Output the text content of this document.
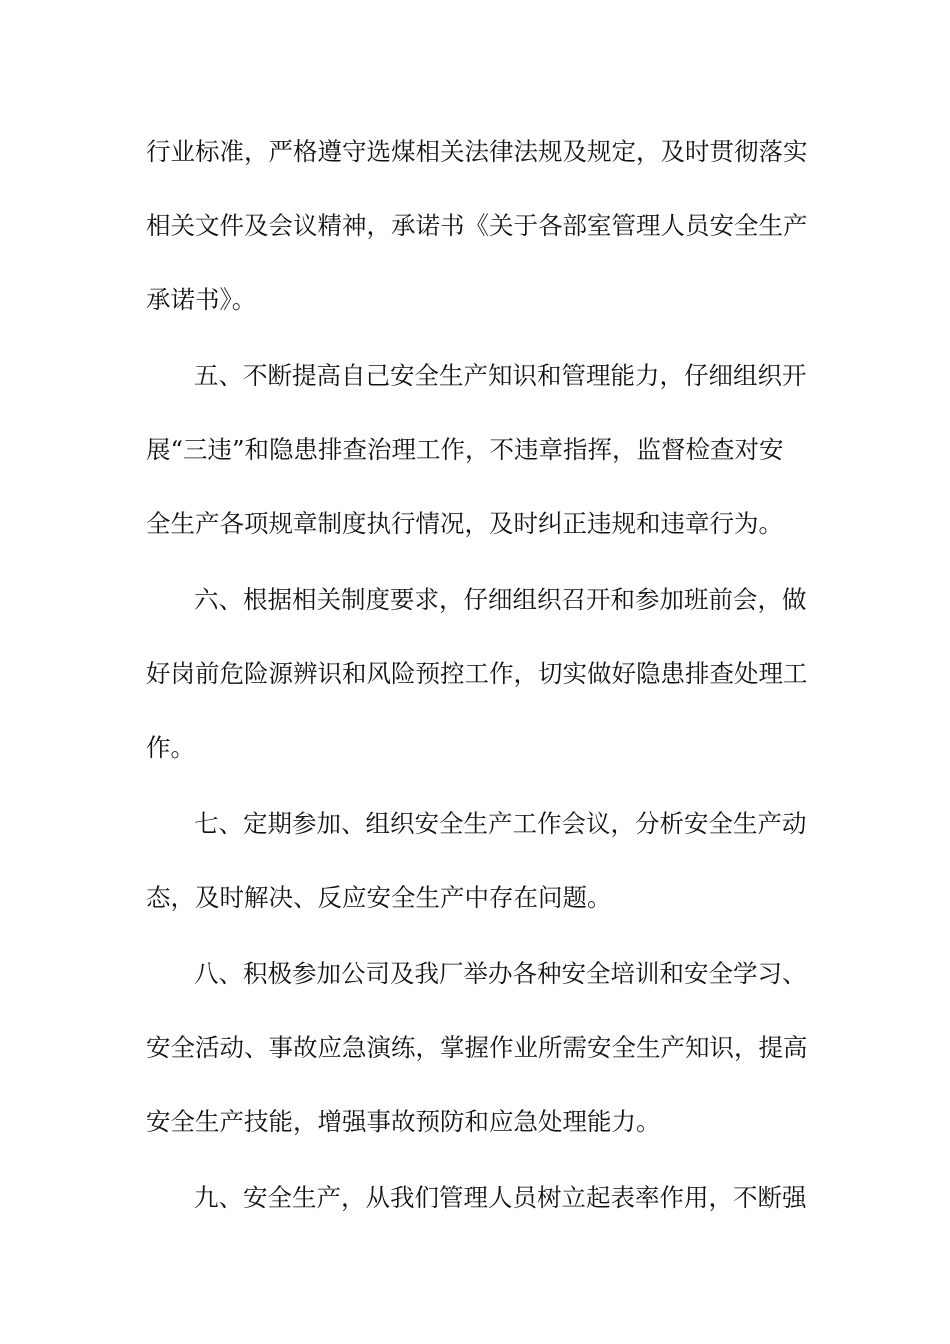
行业标准，严格遵守选煤相关法律法规及规定，及时贯彻落实
相关文件及会议精神，承诺书《关于各部室管理人员安全生产
承诺书》。
五、不断提高自己安全生产知识和管理能力，仔细组织开
展“三违”和隐患排查治理工作，不违章指挥，监督检查对安
全生产各项规章制度执行情况，及时纠正违规和违章行为。
六、根据相关制度要求，仔细组织召开和参加班前会，做
好岗前危险源辨识和风险预控工作，切实做好隐患排查处理工
作。
七、定期参加、组织安全生产工作会议，分析安全生产动
态，及时解决、反应安全生产中存在问题。
八、积极参加公司及我厂举办各种安全培训和安全学习、
安全活动、事故应急演练，掌握作业所需安全生产知识，提高
安全生产技能，增强事故预防和应急处理能力。
九、安全生产，从我们管理人员树立起表率作用，不断强
